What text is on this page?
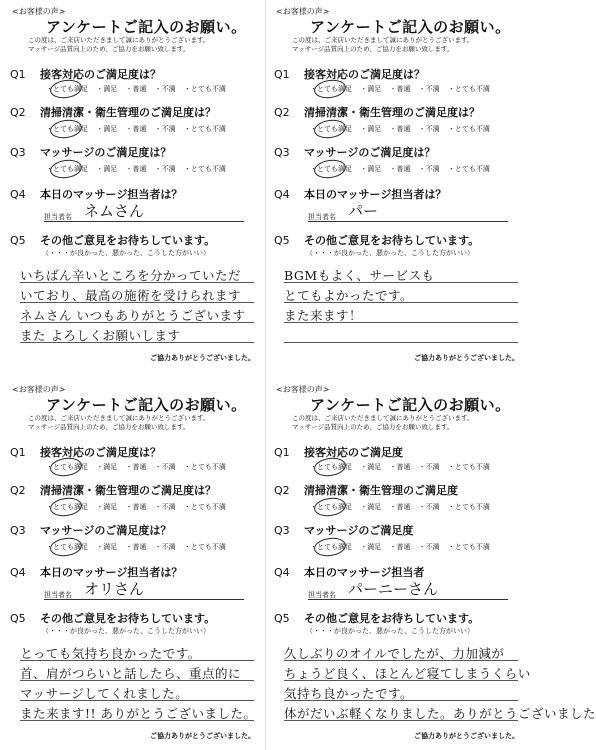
<お客様の声>
アンケートご記入のお願い。
この度は、ご来店いただきまして誠にありがとうございます。
マッサージ品質向上のため、ご協力をお願い致します。
Q1 接客対応のご満足度は？
・とても満足 ・満足 ・普通 ・不満 ・とても不満
Q2 清掃清潔・衛生管理のご満足度は？
・とても満足 ・満足 ・普通 ・不満 ・とても不満
Q3 マッサージのご満足度は？
・とても満足 ・満足 ・普通 ・不満 ・とても不満
Q4 本日のマッサージ担当者は？
担当者名 ネムさん
Q5 その他ご意見をお待ちしています。
（・・・が良かった、悪かった、こうした方がいい）
いちばん辛いところを分かっていただ
いており、最高の施術を受けられます
ネムさん いつもありがとうございます
また よろしくお願いします
ご協力ありがとうございました。
<お客様の声>
アンケートご記入のお願い。
この度は、ご来店いただきまして誠にありがとうございます。
マッサージ品質向上のため、ご協力をお願い致します。
Q1 接客対応のご満足度は？
・とても満足 ・満足 ・普通 ・不満 ・とても不満
Q2 清掃清潔・衛生管理のご満足度は？
・とても満足 ・満足 ・普通 ・不満 ・とても不満
Q3 マッサージのご満足度は？
・とても満足 ・満足 ・普通 ・不満 ・とても不満
Q4 本日のマッサージ担当者は？
担当者名 パー
Q5 その他ご意見をお待ちしています。
（・・・が良かった、悪かった、こうした方がいい）
BGMもよく、サービスも
とてもよかったです。
また来ます！
ご協力ありがとうございました。
<お客様の声>
アンケートご記入のお願い。
この度は、ご来店いただきまして誠にありがとうございます。
マッサージ品質向上のため、ご協力をお願い致します。
Q1 接客対応のご満足度は？
・とても満足 ・満足 ・普通 ・不満 ・とても不満
Q2 清掃清潔・衛生管理のご満足度は？
・とても満足 ・満足 ・普通 ・不満 ・とても不満
Q3 マッサージのご満足度は？
・とても満足 ・満足 ・普通 ・不満 ・とても不満
Q4 本日のマッサージ担当者は？
担当者名 オリさん
Q5 その他ご意見をお待ちしています。
（・・・が良かった、悪かった、こうした方がいい）
とっても気持ち良かったです。
首、肩がつらいと話したら、重点的に
マッサージしてくれました。
また来ます!! ありがとうございました。
ご協力ありがとうございました。
<お客様の声>
アンケートご記入のお願い。
この度は、ご来店いただきまして誠にありがとうございます。
マッサージ品質向上のため、ご協力をお願い致します。
Q1 接客対応のご満足度
・とても満足 ・満足 ・普通 ・不満 ・とても不満
Q2 清掃清潔・衛生管理のご満足度
・とても満足 ・満足 ・普通 ・不満 ・とても不満
Q3 マッサージのご満足度
・とても満足 ・満足 ・普通 ・不満 ・とても不満
Q4 本日のマッサージ担当者
担当者名 パーニーさん
Q5 その他ご意見をお待ちしています。
（・・・が良かった、悪かった、こうした方がいい）
久しぶりのオイルでしたが、力加減が
ちょうど良く、ほとんど寝てしまうくらい
気持ち良かったです。
体がだいぶ軽くなりました。ありがとうございました
ご協力ありがとうございました。
